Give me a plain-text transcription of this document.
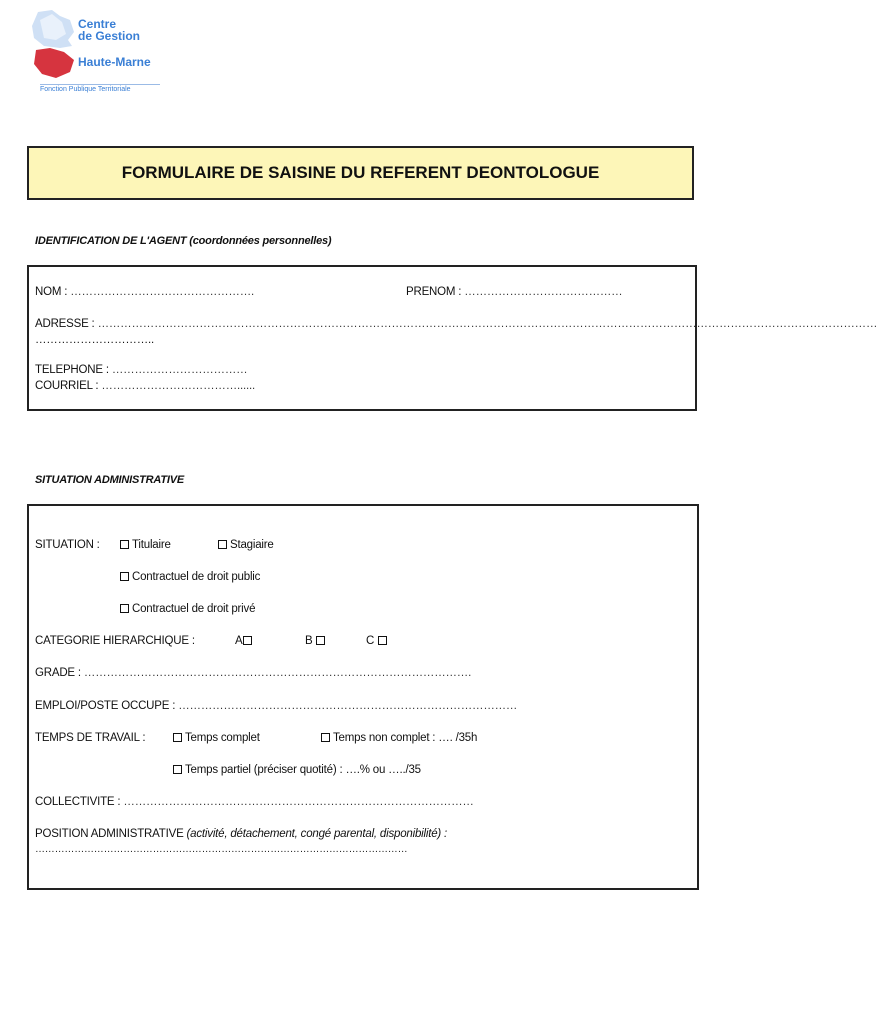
Centre
de Gestion
Haute-Marne
Fonction Publique Territoriale
FORMULAIRE DE SAISINE DU REFERENT DEONTOLOGUE
IDENTIFICATION DE L'AGENT (coordonnées personnelles)
NOM : ………………………………………….	PRENOM : ……………………………………
ADRESSE : ………………………………………………………………………………………………………………………………………………………………………………………
…………………………..
TELEPHONE : ………………………………
COURRIEL : ………………………………......
SITUATION ADMINISTRATIVE
SITUATION :	Titulaire	Stagiaire
Contractuel de droit public
Contractuel de droit privé
CATEGORIE HIERARCHIQUE :	A	B	C
GRADE : ………………………………………………………………………………………….
EMPLOI/POSTE OCCUPE : ………………………………………………………………………………
TEMPS DE TRAVAIL :	Temps complet	Temps non complet : …. /35h
Temps partiel (préciser quotité) : ….% ou …../35
COLLECTIVITE : …………………………………………………………………………………
POSITION ADMINISTRATIVE (activité, détachement, congé parental, disponibilité) :
……………………………………………………………………………………………………
